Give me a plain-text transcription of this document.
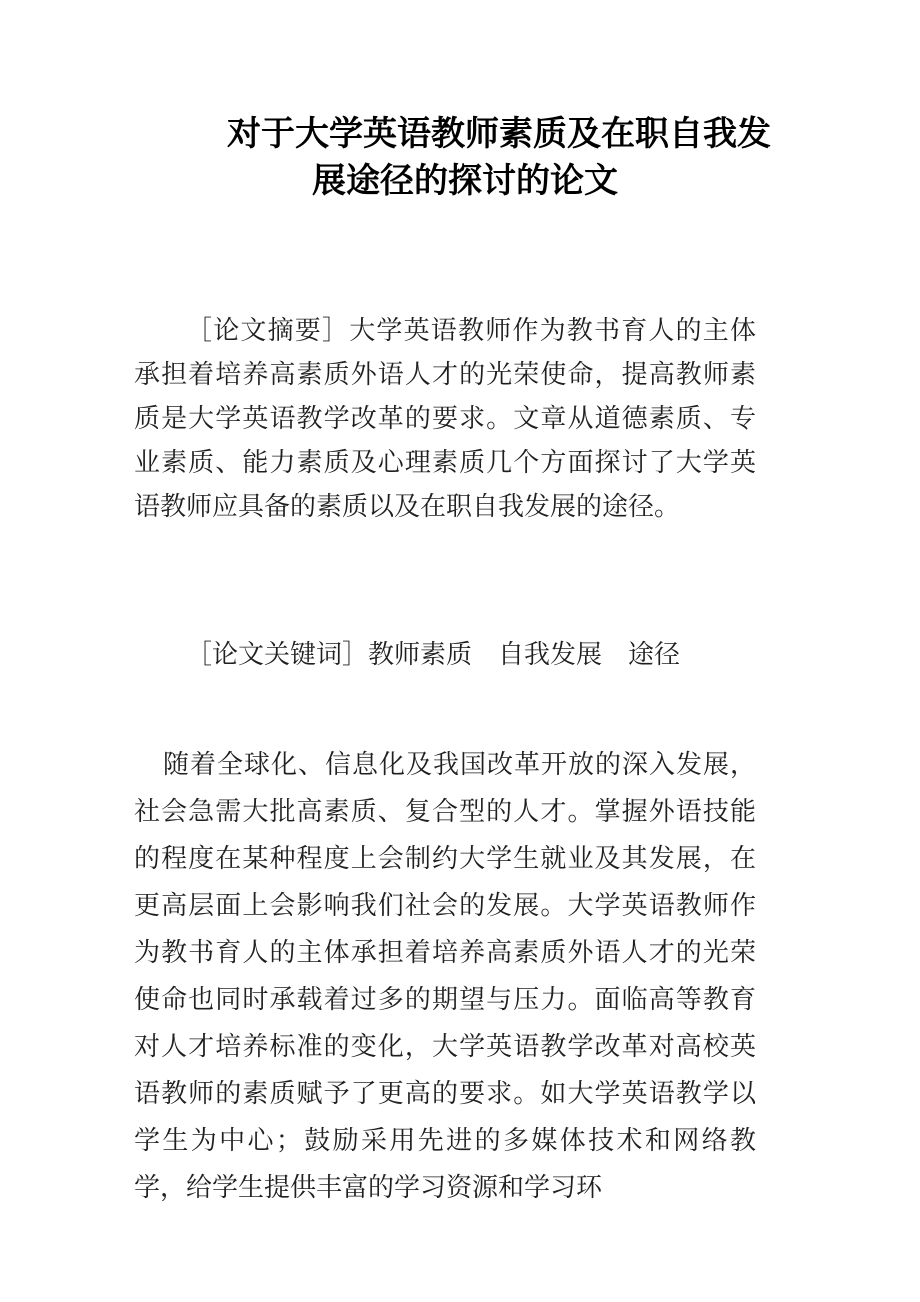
对于大学英语教师素质及在职自我发
展途径的探讨的论文

［论文摘要］大学英语教师作为教书育人的主体承担着培养高素质外语人才的光荣使命，提高教师素质是大学英语教学改革的要求。文章从道德素质、专业素质、能力素质及心理素质几个方面探讨了大学英语教师应具备的素质以及在职自我发展的途径。

［论文关键词］教师素质　自我发展　途径

随着全球化、信息化及我国改革开放的深入发展，社会急需大批高素质、复合型的人才。掌握外语技能的程度在某种程度上会制约大学生就业及其发展，在更高层面上会影响我们社会的发展。大学英语教师作为教书育人的主体承担着培养高素质外语人才的光荣使命也同时承载着过多的期望与压力。面临高等教育对人才培养标准的变化，大学英语教学改革对高校英语教师的素质赋予了更高的要求。如大学英语教学以学生为中心；鼓励采用先进的多媒体技术和网络教学，给学生提供丰富的学习资源和学习环
